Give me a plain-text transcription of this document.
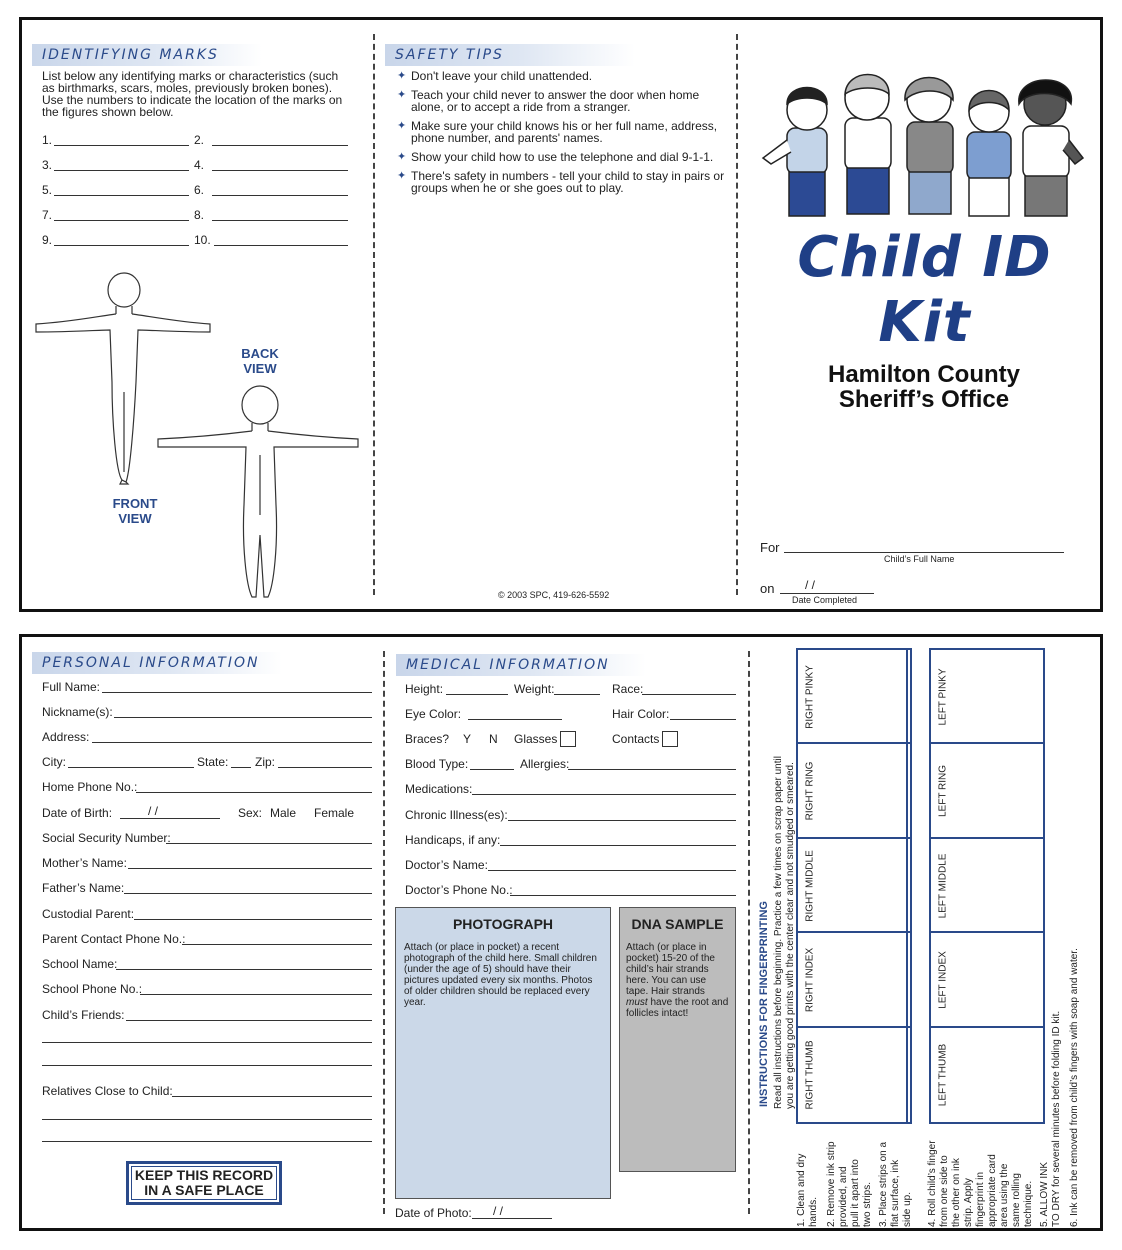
IDENTIFYING MARKS
List below any identifying marks or characteristics (such as birthmarks, scars, moles, previously broken bones). Use the numbers to indicate the location of the marks on the figures shown below.
1.	2.
3.	4.
5.	6.
7.	8.
9.	10.
BACK VIEW
FRONT VIEW
SAFETY TIPS
✦ Don't leave your child unattended.
✦ Teach your child never to answer the door when home alone, or to accept a ride from a stranger.
✦ Make sure your child knows his or her full name, address, phone number, and parents' names.
✦ Show your child how to use the telephone and dial 9-1-1.
✦ There's safety in numbers - tell your child to stay in pairs or groups when he or she goes out to play.
© 2003 SPC, 419-626-5592
Child ID Kit
Hamilton County
Sheriff’s Office
For
Child’s Full Name
on	/ /
Date Completed
PERSONAL INFORMATION
Full Name:
Nickname(s):
Address:
City:	State: Zip:
Home Phone No.:
Date of Birth:	/ /	Sex: Male Female
Social Security Number:
Mother’s Name:
Father’s Name:
Custodial Parent:
Parent Contact Phone No.:
School Name:
School Phone No.:
Child’s Friends:
Relatives Close to Child:
KEEP THIS RECORD
IN A SAFE PLACE
MEDICAL INFORMATION
Height:	Weight:	Race:
Eye Color:	Hair Color:
Braces? Y N Glasses	Contacts
Blood Type:	Allergies:
Medications:
Chronic Illness(es):
Handicaps, if any:
Doctor’s Name:
Doctor’s Phone No.:
PHOTOGRAPH
Attach (or place in pocket) a recent photograph of the child here. Small children (under the age of 5) should have their pictures updated every six months. Photos of older children should be replaced every year.
DNA SAMPLE
Attach (or place in pocket) 15-20 of the child’s hair strands here. You can use tape. Hair strands must have the root and follicles intact!
Date of Photo: / /
RIGHT PINKY
RIGHT RING
RIGHT MIDDLE
RIGHT INDEX
RIGHT THUMB
LEFT PINKY
LEFT RING
LEFT MIDDLE
LEFT INDEX
LEFT THUMB
INSTRUCTIONS FOR FINGERPRINTING Read all instructions before beginning. Practice a few times on scrap paper until you are getting good prints with the center clear and not smudged or smeared.
1. Clean and dry hands. 2. Remove ink strip provided, and pull it apart into two strips. 3. Place strips on a flat surface, ink side up. 4. Roll child’s finger from one side to the other on ink strip. Apply fingerprint in appropriate card area using the same rolling technique. 5. ALLOW INK TO DRY for several minutes before folding ID kit. 6. Ink can be removed from child’s fingers with soap and water.
